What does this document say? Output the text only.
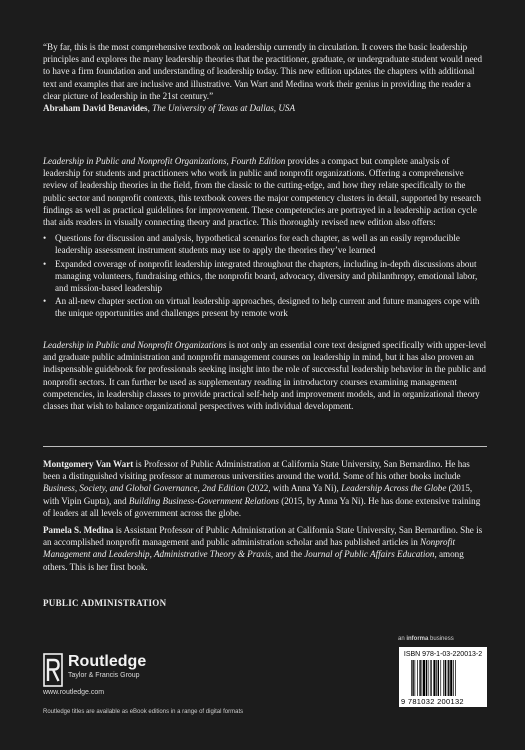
“By far, this is the most comprehensive textbook on leadership currently in circulation. It covers the basic leadership principles and explores the many leadership theories that the practitioner, graduate, or undergraduate student would need to have a firm foundation and understanding of leadership today. This new edition updates the chapters with additional text and examples that are inclusive and illustrative. Van Wart and Medina work their genius in providing the reader a clear picture of leadership in the 21st century.”

Abraham David Benavides, The University of Texas at Dallas, USA

Leadership in Public and Nonprofit Organizations, Fourth Edition provides a compact but complete analysis of leadership for students and practitioners who work in public and nonprofit organizations. Offering a comprehensive review of leadership theories in the field, from the classic to the cutting-edge, and how they relate specifically to the public sector and nonprofit contexts, this textbook covers the major competency clusters in detail, supported by research findings as well as practical guidelines for improvement. These competencies are portrayed in a leadership action cycle that aids readers in visually connecting theory and practice. This thoroughly revised new edition also offers:

• Questions for discussion and analysis, hypothetical scenarios for each chapter, as well as an easily reproducible leadership assessment instrument students may use to apply the theories they’ve learned
• Expanded coverage of nonprofit leadership integrated throughout the chapters, including in-depth discussions about managing volunteers, fundraising ethics, the nonprofit board, advocacy, diversity and philanthropy, emotional labor, and mission-based leadership
• An all-new chapter section on virtual leadership approaches, designed to help current and future managers cope with the unique opportunities and challenges present by remote work

Leadership in Public and Nonprofit Organizations is not only an essential core text designed specifically with upper-level and graduate public administration and nonprofit management courses on leadership in mind, but it has also proven an indispensable guidebook for professionals seeking insight into the role of successful leadership behavior in the public and nonprofit sectors. It can further be used as supplementary reading in introductory courses examining management competencies, in leadership classes to provide practical self-help and improvement models, and in organizational theory classes that wish to balance organizational perspectives with individual development.

Montgomery Van Wart is Professor of Public Administration at California State University, San Bernardino. He has been a distinguished visiting professor at numerous universities around the world. Some of his other books include Business, Society, and Global Governance, 2nd Edition (2022, with Anna Ya Ni), Leadership Across the Globe (2015, with Vipin Gupta), and Building Business-Government Relations (2015, by Anna Ya Ni). He has done extensive training of leaders at all levels of government across the globe.

Pamela S. Medina is Assistant Professor of Public Administration at California State University, San Bernardino. She is an accomplished nonprofit management and public administration scholar and has published articles in Nonprofit Management and Leadership, Administrative Theory & Praxis, and the Journal of Public Affairs Education, among others. This is her first book.

PUBLIC ADMINISTRATION
Routledge
Taylor & Francis Group
www.routledge.com
an informa business
ISBN 978-1-03-220013-2
9 781032 200132
Routledge titles are available as eBook editions in a range of digital formats
